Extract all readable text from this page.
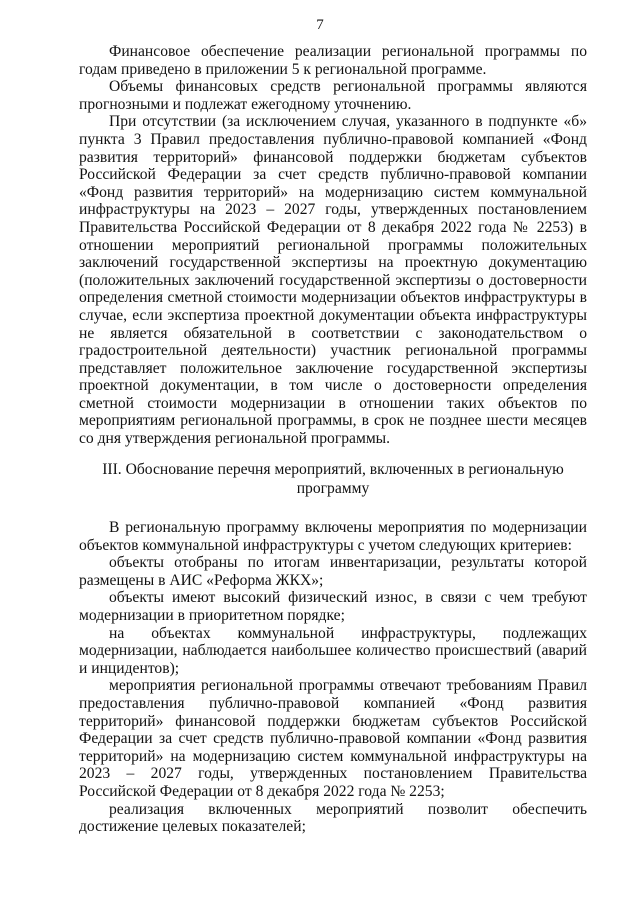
7

Финансовое обеспечение реализации региональной программы по годам приведено в приложении 5 к региональной программе.

Объемы финансовых средств региональной программы являются прогнозными и подлежат ежегодному уточнению.

При отсутствии (за исключением случая, указанного в подпункте «б» пункта 3 Правил предоставления публично-правовой компанией «Фонд развития территорий» финансовой поддержки бюджетам субъектов Российской Федерации за счет средств публично-правовой компании «Фонд развития территорий» на модернизацию систем коммунальной инфраструктуры на 2023 – 2027 годы, утвержденных постановлением Правительства Российской Федерации от 8 декабря 2022 года № 2253) в отношении мероприятий региональной программы положительных заключений государственной экспертизы на проектную документацию (положительных заключений государственной экспертизы о достоверности определения сметной стоимости модернизации объектов инфраструктуры в случае, если экспертиза проектной документации объекта инфраструктуры не является обязательной в соответствии с законодательством о градостроительной деятельности) участник региональной программы представляет положительное заключение государственной экспертизы проектной документации, в том числе о достоверности определения сметной стоимости модернизации в отношении таких объектов по мероприятиям региональной программы, в срок не позднее шести месяцев со дня утверждения региональной программы.

III. Обоснование перечня мероприятий, включенных в региональную
программу

В региональную программу включены мероприятия по модернизации объектов коммунальной инфраструктуры с учетом следующих критериев:

объекты отобраны по итогам инвентаризации, результаты которой размещены в АИС «Реформа ЖКХ»;

объекты имеют высокий физический износ, в связи с чем требуют модернизации в приоритетном порядке;

на объектах коммунальной инфраструктуры, подлежащих модернизации, наблюдается наибольшее количество происшествий (аварий и инцидентов);

мероприятия региональной программы отвечают требованиям Правил предоставления публично-правовой компанией «Фонд развития территорий» финансовой поддержки бюджетам субъектов Российской Федерации за счет средств публично-правовой компании «Фонд развития территорий» на модернизацию систем коммунальной инфраструктуры на 2023 – 2027 годы, утвержденных постановлением Правительства Российской Федерации от 8 декабря 2022 года № 2253;

реализация включенных мероприятий позволит обеспечить достижение целевых показателей;
